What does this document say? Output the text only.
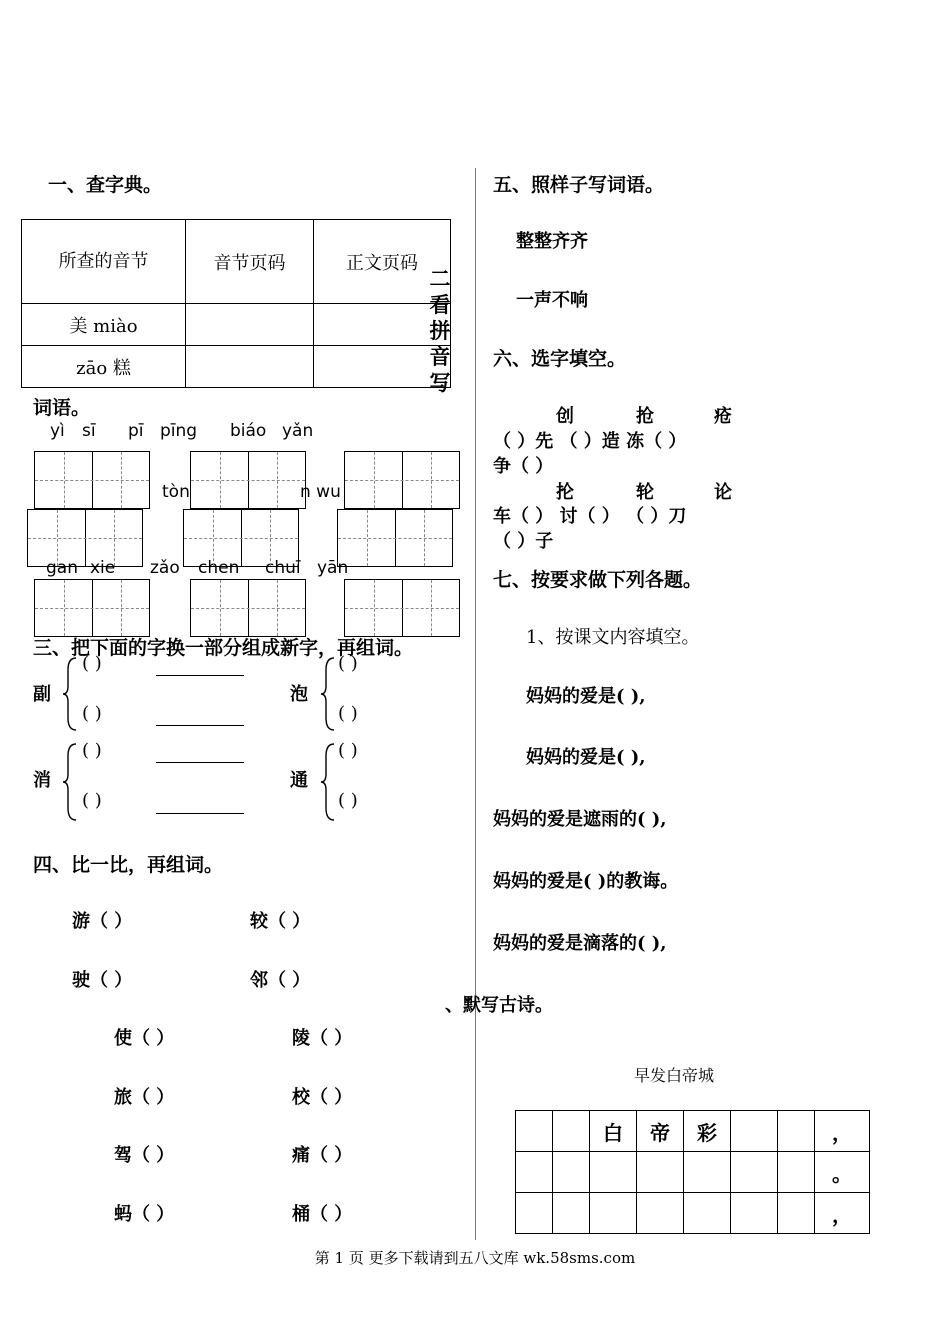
一、查字典。
所查的音节	音节页码	正文页码
美 miào		
zāo 糕		
二看拼音写
词语。
yì sī pī pīng biáo yǎn
tòn	n wu
gan xie zǎo chen chuī yān
三、把下面的字换一部分组成新字，再组词。
副
( )
( )
泡
( )
( )
消
( )
( )
通
( )
( )
四、比一比，再组词。
游（ ）	较（ ）
驶（ ）	邻（ ）
使（ ）	陵（ ）
旅（ ）	校（ ）
驾（ ）	痛（ ）
蚂（ ）	桶（ ）
五、照样子写词语。
整整齐齐
一声不响
六、选字填空。
创	抢	疮
（ ）先 （ ）造 冻（ ）
争（ ）
抡	轮	论
车（ ） 讨（ ） （ ）刀
（ ）子
七、按要求做下列各题。
1、按课文内容填空。
妈妈的爱是( ),
妈妈的爱是( ),
妈妈的爱是遮雨的( ),
妈妈的爱是( )的教诲。
妈妈的爱是滴落的( ),
、默写古诗。
早发白帝城
		白	帝	彩			，
							。
							，
第 1 页 更多下载请到五八文库 wk.58sms.com
